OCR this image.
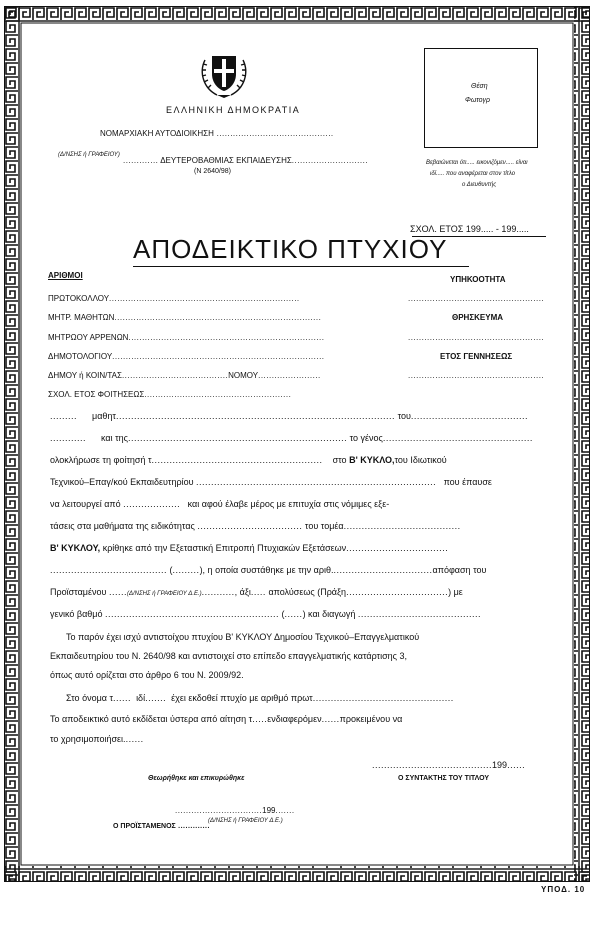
ΕΛΛΗΝΙΚΗ ΔΗΜΟΚΡΑΤΙΑ
ΝΟΜΑΡΧΙΑΚΗ ΑΥΤΟΔΙΟΙΚΗΣΗ ...........................................
(Δ/ΝΣΗΣ ή ΓΡΑΦΕΙΟΥ)
............. ΔΕΥΤΕΡΟΒΑΘΜΙΑΣ ΕΚΠΑΙΔΕΥΣΗΣ............................
(Ν 2640/98)
Θέση
Φωτογρ
Βεβαιώνεται ότι..... εικονιζόμεν..... είναι
ιδί..... που αναφέρεται στον τίτλο
ο Διευθυντής
ΣΧΟΛ. ΕΤΟΣ 199..... - 199.....
ΑΠΟΔΕΙΚΤΙΚΟ ΠΤΥΧΙΟΥ
ΑΡΙΘΜΟΙ
ΠΡΩΤΟΚΟΛΛΟΥ......................................................................
ΜΗΤΡ. ΜΑΘΗΤΩΝ............................................................................
ΜΗΤΡΩΟΥ ΑΡΡΕΝΩΝ........................................................................
ΔΗΜΟΤΟΛΟΓΙΟΥ..............................................................................
ΔΗΜΟΥ ή ΚΟΙΝ/ΤΑΣ.......................................ΝΟΜΟΥ.......................
ΣΧΟΛ. ΕΤΟΣ ΦΟΙΤΗΣΕΩΣ......................................................
ΥΠΗΚΟΟΤΗΤΑ
..................................................
ΘΡΗΣΚΕΥΜΑ
..................................................
ΕΤΟΣ ΓΕΝΝΗΣΕΩΣ
..................................................
......... μαθητ............................................................................................. του.......................................
............ και της......................................................................... το γένος..................................................
ολοκλήρωσε τη φοίτησή τ......................................................... στο Β' ΚΥΚΛΟ,του Ιδιωτικού
Τεχνικού–Επαγ/κού Εκπαιδευτηρίου ................................................................................ που έπαυσε
να λειτουργεί από ................... και αφού έλαβε μέρος με επιτυχία στις νόμιμες εξε-
τάσεις στα μαθήματα της ειδικότητας ................................... του τομέα.......................................
Β' ΚΥΚΛΟΥ, κρίθηκε από την Εξεταστική Επιτροπή Πτυχιακών Εξετάσεων..................................
....................................... (.........), η οποία συστάθηκε με την αριθ..................................απόφαση του
Προϊσταμένου ......(Δ/ΝΣΗΣ ή ΓΡΑΦΕΙΟΥ Δ.Ε.)..........., άξι..... απολύσεως (Πράξη..................................) με
γενικό βαθμό .......................................................... (......) και διαγωγή .........................................
Το παρόν έχει ισχύ αντιστοίχου πτυχίου Β' ΚΥΚΛΟΥ Δημοσίου Τεχνικού–Επαγγελματικού
Εκπαιδευτηρίου του Ν. 2640/98 και αντιστοιχεί στο επίπεδο επαγγελματικής κατάρτισης 3,
όπως αυτό ορίζεται στο άρθρο 6 του Ν. 2009/92.
Στο όνομα τ...... ιδί....... έχει εκδοθεί πτυχίο με αριθμό πρωτ...............................................
Το αποδεικτικό αυτό εκδίδεται ύστερα από αίτηση τ.....ενδιαφερόμεν......προκειμένου να
το χρησιμοποιήσει.......
........................................199......
Ο ΣΥΝΤΑΚΤΗΣ ΤΟΥ ΤΙΤΛΟΥ
Θεωρήθηκε και επικυρώθηκε
................................199.......
Ο ΠΡΟΪΣΤΑΜΕΝΟΣ .............
(Δ/ΝΣΗΣ ή ΓΡΑΦΕΙΟΥ Δ.Ε.)
ΥΠΟΔ. 10
